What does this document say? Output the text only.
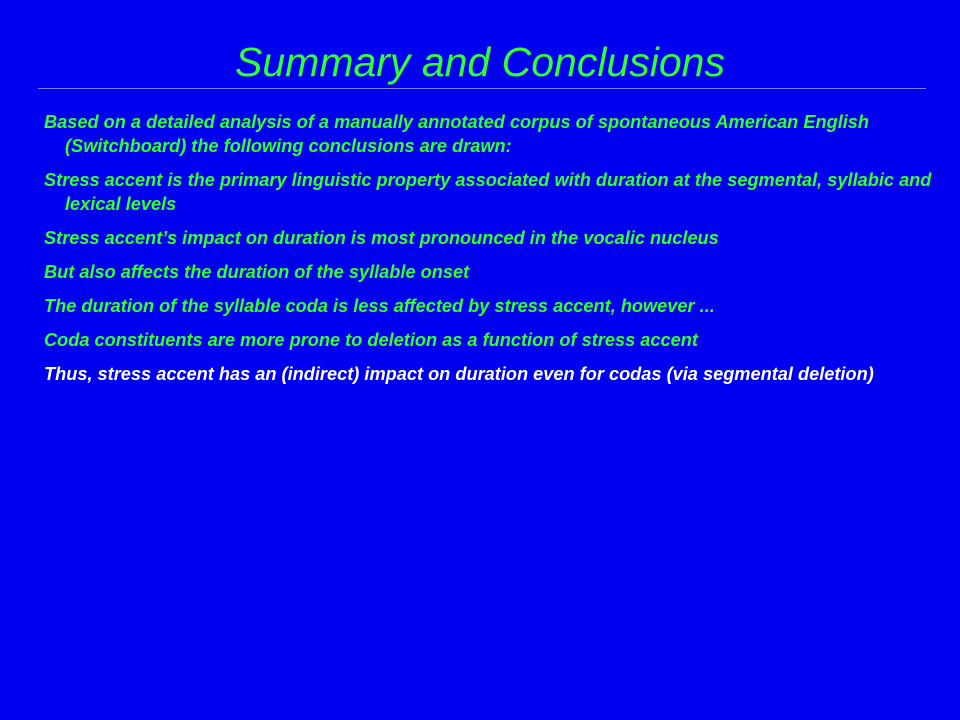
Summary and Conclusions
Based on a detailed analysis of a manually annotated corpus of spontaneous American English (Switchboard) the following conclusions are drawn:
Stress accent is the primary linguistic property associated with duration at the segmental, syllabic and lexical levels
Stress accent’s impact on duration is most pronounced in the vocalic nucleus
But also affects the duration of the syllable onset
The duration of the syllable coda is less affected by stress accent, however ...
Coda constituents are more prone to deletion as a function of stress accent
Thus, stress accent has an (indirect) impact on duration even for codas (via segmental deletion)
